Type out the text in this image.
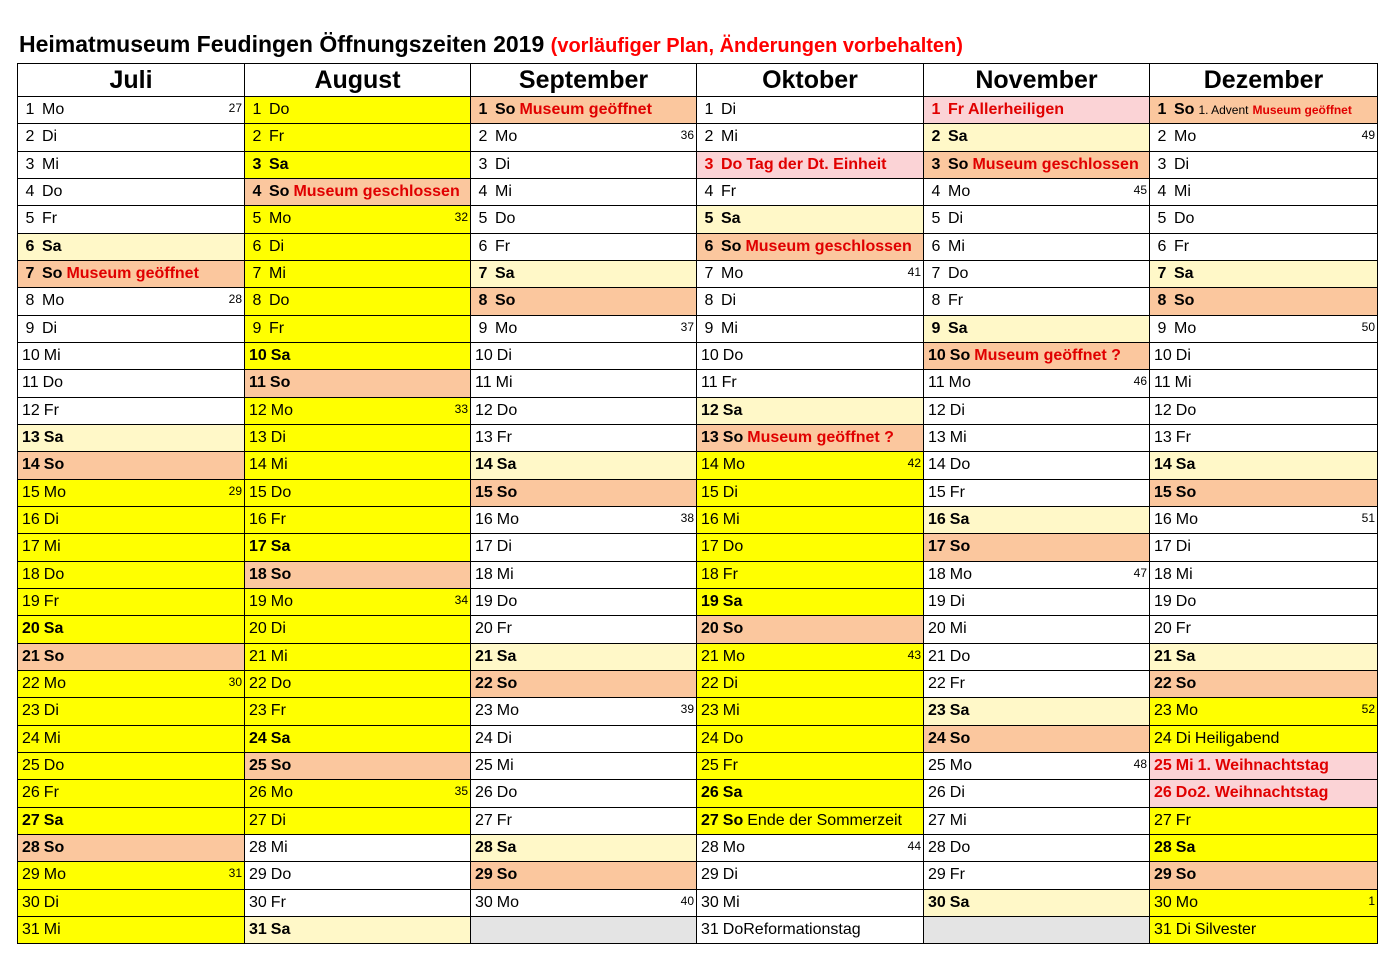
Heimatmuseum Feudingen Öffnungszeiten 2019 (vorläufiger Plan, Änderungen vorbehalten)
Juli	August	September	Oktober	November	Dezember

1 Mo 27	1 Do	1 So Museum geöffnet	1 Di	1 Fr Allerheiligen	1 So 1. Advent Museum geöffnet

2 Di	2 Fr	2 Mo 36	2 Mi	2 Sa	2 Mo 49

3 Mi	3 Sa	3 Di	3 Do Tag der Dt. Einheit	3 So Museum geschlossen	3 Di

4 Do	4 So Museum geschlossen	4 Mi	4 Fr	4 Mo 45	4 Mi

5 Fr	5 Mo 32	5 Do	5 Sa	5 Di	5 Do

6 Sa	6 Di	6 Fr	6 So Museum geschlossen	6 Mi	6 Fr

7 So Museum geöffnet	7 Mi	7 Sa	7 Mo 41	7 Do	7 Sa

8 Mo 28	8 Do	8 So	8 Di	8 Fr	8 So

9 Di	9 Fr	9 Mo 37	9 Mi	9 Sa	9 Mo 50

10 Mi	10 Sa	10 Di	10 Do	10 So Museum geöffnet ?	10 Di

11 Do	11 So	11 Mi	11 Fr	11 Mo 46	11 Mi

12 Fr	12 Mo 33	12 Do	12 Sa	12 Di	12 Do

13 Sa	13 Di	13 Fr	13 So Museum geöffnet ?	13 Mi	13 Fr

14 So	14 Mi	14 Sa	14 Mo 42	14 Do	14 Sa

15 Mo 29	15 Do	15 So	15 Di	15 Fr	15 So

16 Di	16 Fr	16 Mo 38	16 Mi	16 Sa	16 Mo 51

17 Mi	17 Sa	17 Di	17 Do	17 So	17 Di

18 Do	18 So	18 Mi	18 Fr	18 Mo 47	18 Mi

19 Fr	19 Mo 34	19 Do	19 Sa	19 Di	19 Do

20 Sa	20 Di	20 Fr	20 So	20 Mi	20 Fr

21 So	21 Mi	21 Sa	21 Mo 43	21 Do	21 Sa

22 Mo 30	22 Do	22 So	22 Di	22 Fr	22 So

23 Di	23 Fr	23 Mo 39	23 Mi	23 Sa	23 Mo 52

24 Mi	24 Sa	24 Di	24 Do	24 So	24 Di Heiligabend

25 Do	25 So	25 Mi	25 Fr	25 Mo 48	25 Mi 1. Weihnachtstag

26 Fr	26 Mo 35	26 Do	26 Sa	26 Di	26 Do 2. Weihnachtstag

27 Sa	27 Di	27 Fr	27 So Ende der Sommerzeit	27 Mi	27 Fr

28 So	28 Mi	28 Sa	28 Mo 44	28 Do	28 Sa

29 Mo 31	29 Do	29 So	29 Di	29 Fr	29 So

30 Di	30 Fr	30 Mo 40	30 Mi	30 Sa	30 Mo 1

31 Mi	31 Sa		31 Do Reformationstag		31 Di Silvester
